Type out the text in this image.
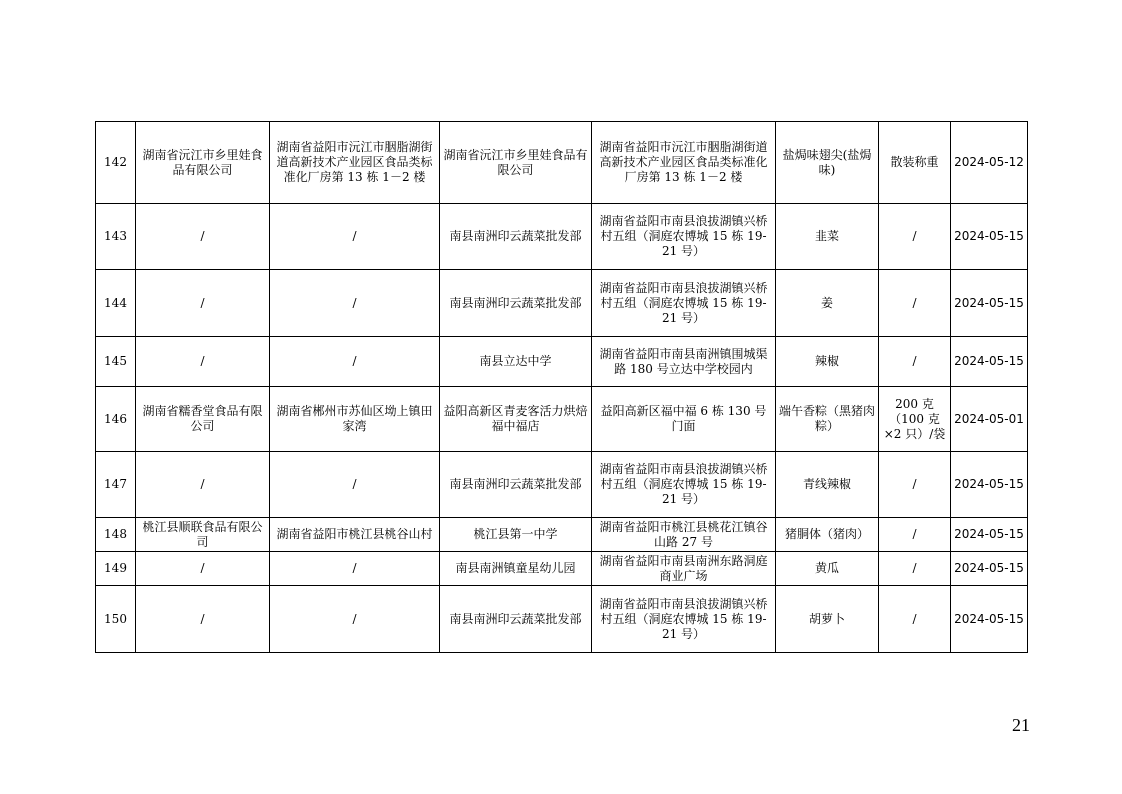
142	湖南省沅江市乡里娃食品有限公司	湖南省益阳市沅江市胭脂湖街道高新技术产业园区食品类标准化厂房第 13 栋 1－2 楼	湖南省沅江市乡里娃食品有限公司	湖南省益阳市沅江市胭脂湖街道高新技术产业园区食品类标准化厂房第 13 栋 1－2 楼	盐焗味翅尖(盐焗味)	散装称重	2024-05-12
143	/	/	南县南洲印云蔬菜批发部	湖南省益阳市南县浪拔湖镇兴桥村五组（洞庭农博城 15 栋 19-21 号）	韭菜	/	2024-05-15
144	/	/	南县南洲印云蔬菜批发部	湖南省益阳市南县浪拔湖镇兴桥村五组（洞庭农博城 15 栋 19-21 号）	姜	/	2024-05-15
145	/	/	南县立达中学	湖南省益阳市南县南洲镇围城渠路 180 号立达中学校园内	辣椒	/	2024-05-15
146	湖南省糯香堂食品有限公司	湖南省郴州市苏仙区坳上镇田家湾	益阳高新区青麦客活力烘焙福中福店	益阳高新区福中福 6 栋 130 号门面	端午香粽（黑猪肉粽）	200 克（100 克×2 只）/袋	2024-05-01
147	/	/	南县南洲印云蔬菜批发部	湖南省益阳市南县浪拔湖镇兴桥村五组（洞庭农博城 15 栋 19-21 号）	青线辣椒	/	2024-05-15
148	桃江县顺联食品有限公司	湖南省益阳市桃江县桃谷山村	桃江县第一中学	湖南省益阳市桃江县桃花江镇谷山路 27 号	猪胴体（猪肉）	/	2024-05-15
149	/	/	南县南洲镇童星幼儿园	湖南省益阳市南县南洲东路洞庭商业广场	黄瓜	/	2024-05-15
150	/	/	南县南洲印云蔬菜批发部	湖南省益阳市南县浪拔湖镇兴桥村五组（洞庭农博城 15 栋 19-21 号）	胡萝卜	/	2024-05-15
21
